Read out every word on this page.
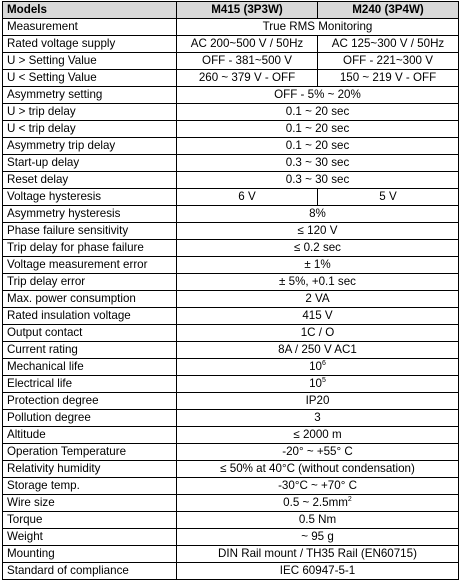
Models	M415 (3P3W)	M240 (3P4W)
Measurement	True RMS Monitoring	
Rated voltage supply	AC 200~500 V / 50Hz	AC 125~300 V / 50Hz
U > Setting Value	OFF - 381~500 V	OFF - 221~300 V
U < Setting Value	260 ~ 379 V - OFF	150 ~ 219 V - OFF
Asymmetry setting	OFF - 5% ~ 20%	
U > trip delay	0.1 ~ 20 sec	
U < trip delay	0.1 ~ 20 sec	
Asymmetry trip delay	0.1 ~ 20 sec	
Start-up delay	0.3 ~ 30 sec	
Reset delay	0.3 ~ 30 sec	
Voltage hysteresis	6 V	5 V
Asymmetry hysteresis	8%	
Phase failure sensitivity	≤ 120 V	
Trip delay for phase failure	≤ 0.2 sec	
Voltage measurement error	± 1%	
Trip delay error	± 5%, +0.1 sec	
Max. power consumption	2 VA	
Rated insulation voltage	415 V	
Output contact	1C / O	
Current rating	8A / 250 V AC1	
Mechanical life	$10^6$
Electrical life	$10^5$
Protection degree	IP20	
Pollution degree	3	
Altitude	≤ 2000 m	
Operation Temperature	-20° ~ +55° C	
Relativity humidity	≤ 50% at 40°C (without condensation)	
Storage temp.	-30°C ~ +70° C	
Wire size	0.5 ~ $2.5mm^2$
Torque	0.5 Nm	
Weight	~ 95 g	
Mounting	DIN Rail mount / TH35 Rail (EN60715)	
Standard of compliance	IEC 60947-5-1	
